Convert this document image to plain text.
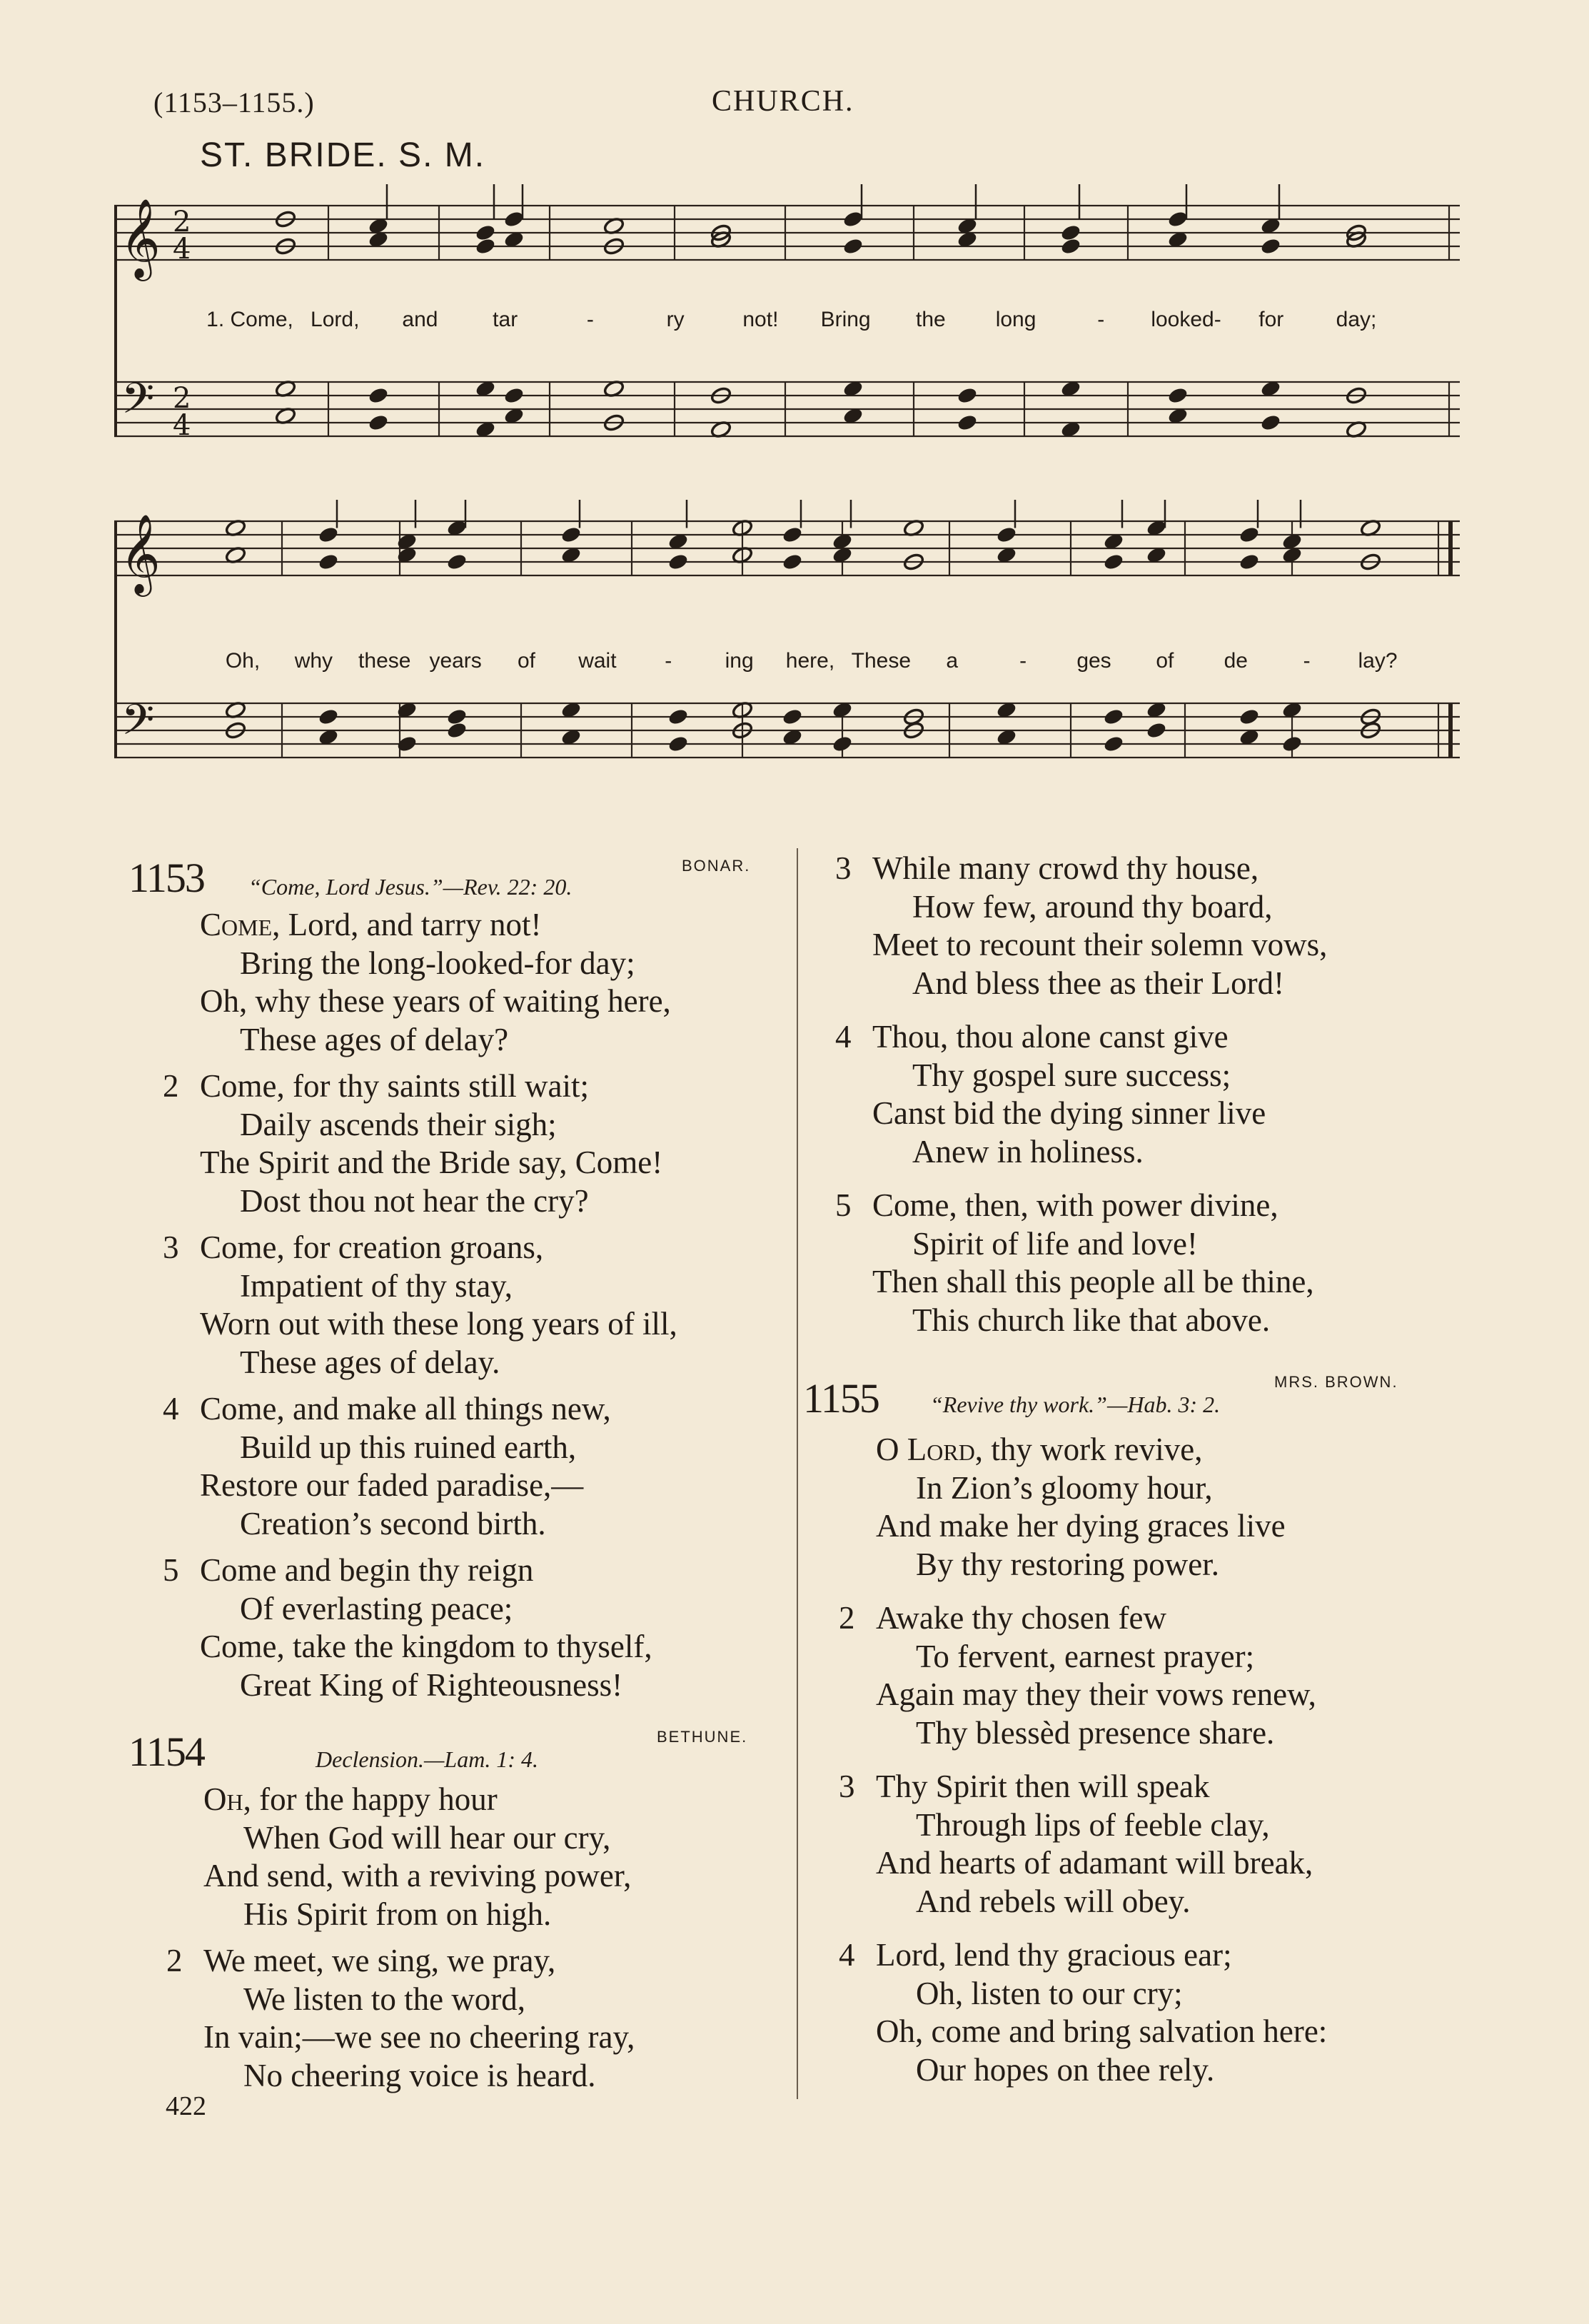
(1153–1155.)	CHURCH.
ST. BRIDE. S. M.
𝄞
𝄢
𝄞
𝄢
2
2
4
4
1. Come, Lord, and	tar	-	ry	not! Bring the long	- looked- for day;
Oh, why these years of wait - ing here, These a	- ges of de	- lay?
1153 “Come, Lord Jesus.”—Rev. 22: 20.
BONAR.
Come, Lord, and tarry not!
Bring the long-looked-for day;
Oh, why these years of waiting here,
These ages of delay?
2 Come, for thy saints still wait;
Daily ascends their sigh;
The Spirit and the Bride say, Come!
Dost thou not hear the cry?
3 Come, for creation groans,
Impatient of thy stay,
Worn out with these long years of ill,
These ages of delay.
4 Come, and make all things new,
Build up this ruined earth,
Restore our faded paradise,—
Creation’s second birth.
5 Come and begin thy reign
Of everlasting peace;
Come, take the kingdom to thyself,
Great King of Righteousness!
1154	Declension.—Lam. 1: 4.
BETHUNE.
Oh, for the happy hour
When God will hear our cry,
And send, with a reviving power,
His Spirit from on high.
2 We meet, we sing, we pray,
We listen to the word,
In vain;—we see no cheering ray,
No cheering voice is heard.
3 While many crowd thy house,
How few, around thy board,
Meet to recount their solemn vows,
And bless thee as their Lord!
4 Thou, thou alone canst give
Thy gospel sure success;
Canst bid the dying sinner live
Anew in holiness.
5 Come, then, with power divine,
Spirit of life and love!
Then shall this people all be thine,
This church like that above.
1155 “Revive thy work.”—Hab. 3: 2.
MRS. BROWN.
O Lord, thy work revive,
In Zion’s gloomy hour,
And make her dying graces live
By thy restoring power.
2 Awake thy chosen few
To fervent, earnest prayer;
Again may they their vows renew,
Thy blessèd presence share.
3 Thy Spirit then will speak
Through lips of feeble clay,
And hearts of adamant will break,
And rebels will obey.
4 Lord, lend thy gracious ear;
Oh, listen to our cry;
Oh, come and bring salvation here:
Our hopes on thee rely.
422
